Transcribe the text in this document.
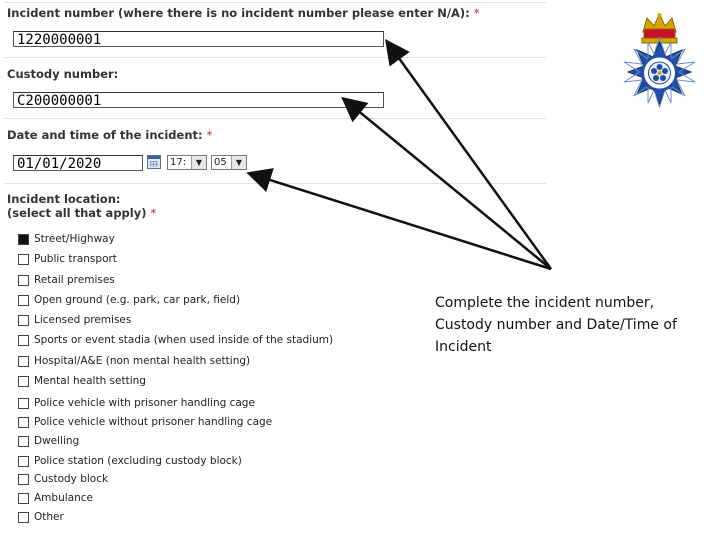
Incident number (where there is no incident number please enter N/A): *
1220000001
Custody number:
C200000001
Date and time of the incident: *
01/01/2020	17:	▼	05	▼
Incident location:
(select all that apply) *
Street/Highway
Public transport
Retail premises
Open ground (e.g. park, car park, field)
Licensed premises
Sports or event stadia (when used inside of the stadium)
Hospital/A&E (non mental health setting)
Mental health setting
Police vehicle with prisoner handling cage
Police vehicle without prisoner handling cage
Dwelling
Police station (excluding custody block)
Custody block
Ambulance
Other
Complete the incident number, Custody number and Date/Time of Incident
